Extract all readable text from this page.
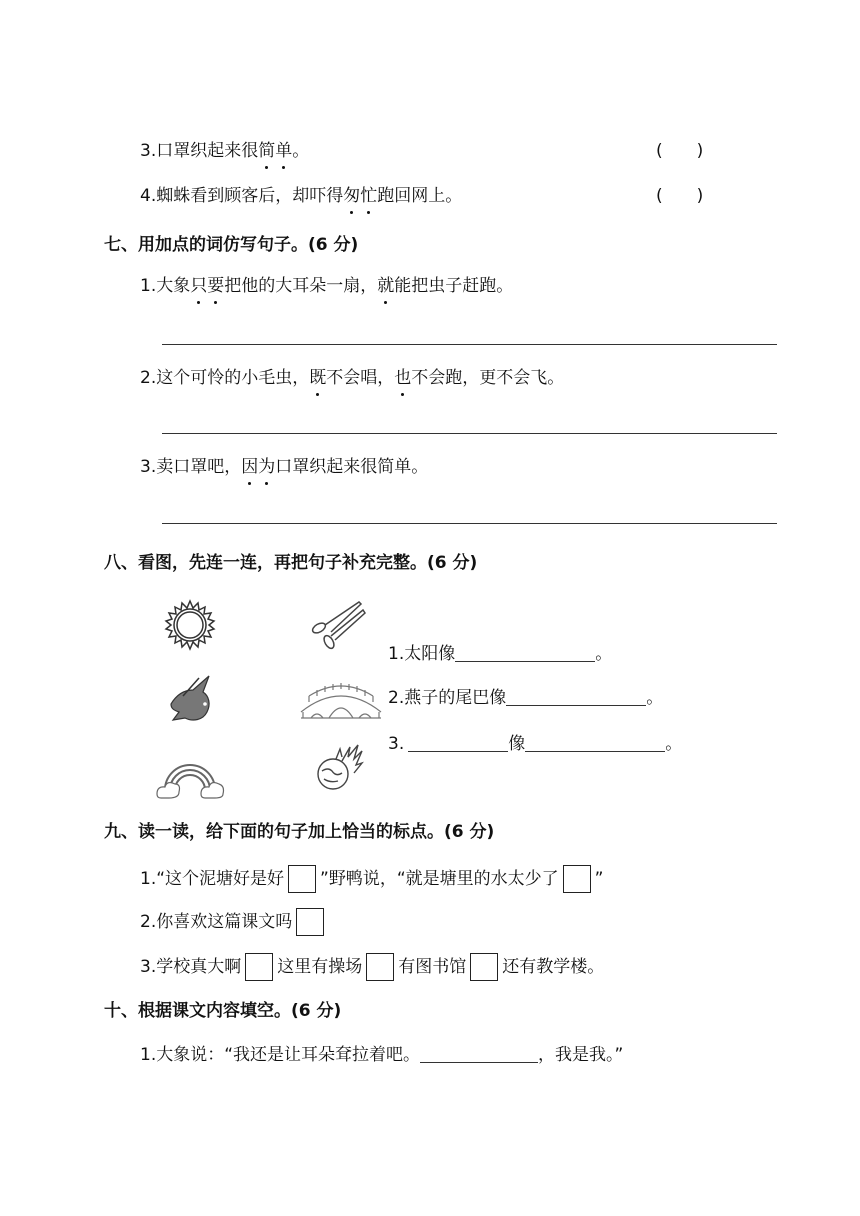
3.口罩织起来很简单。	(　　)
4.蜘蛛看到顾客后，却吓得匆忙跑回网上。	(　　)
七、用加点的词仿写句子。(6 分)
1.大象只要把他的大耳朵一扇，就能把虫子赶跑。
2.这个可怜的小毛虫，既不会唱，也不会跑，更不会飞。
3.卖口罩吧，因为口罩织起来很简单。
八、看图，先连一连，再把句子补充完整。(6 分)
1.太阳像	。
2.燕子的尾巴像	。
3.	像	。
九、读一读，给下面的句子加上恰当的标点。(6 分)
1.“这个泥塘好是好 ”野鸭说，“就是塘里的水太少了 ”
2.你喜欢这篇课文吗
3.学校真大啊 这里有操场 有图书馆 还有教学楼。
十、根据课文内容填空。(6 分)
1.大象说：“我还是让耳朵耷拉着吧。	，我是我。”
